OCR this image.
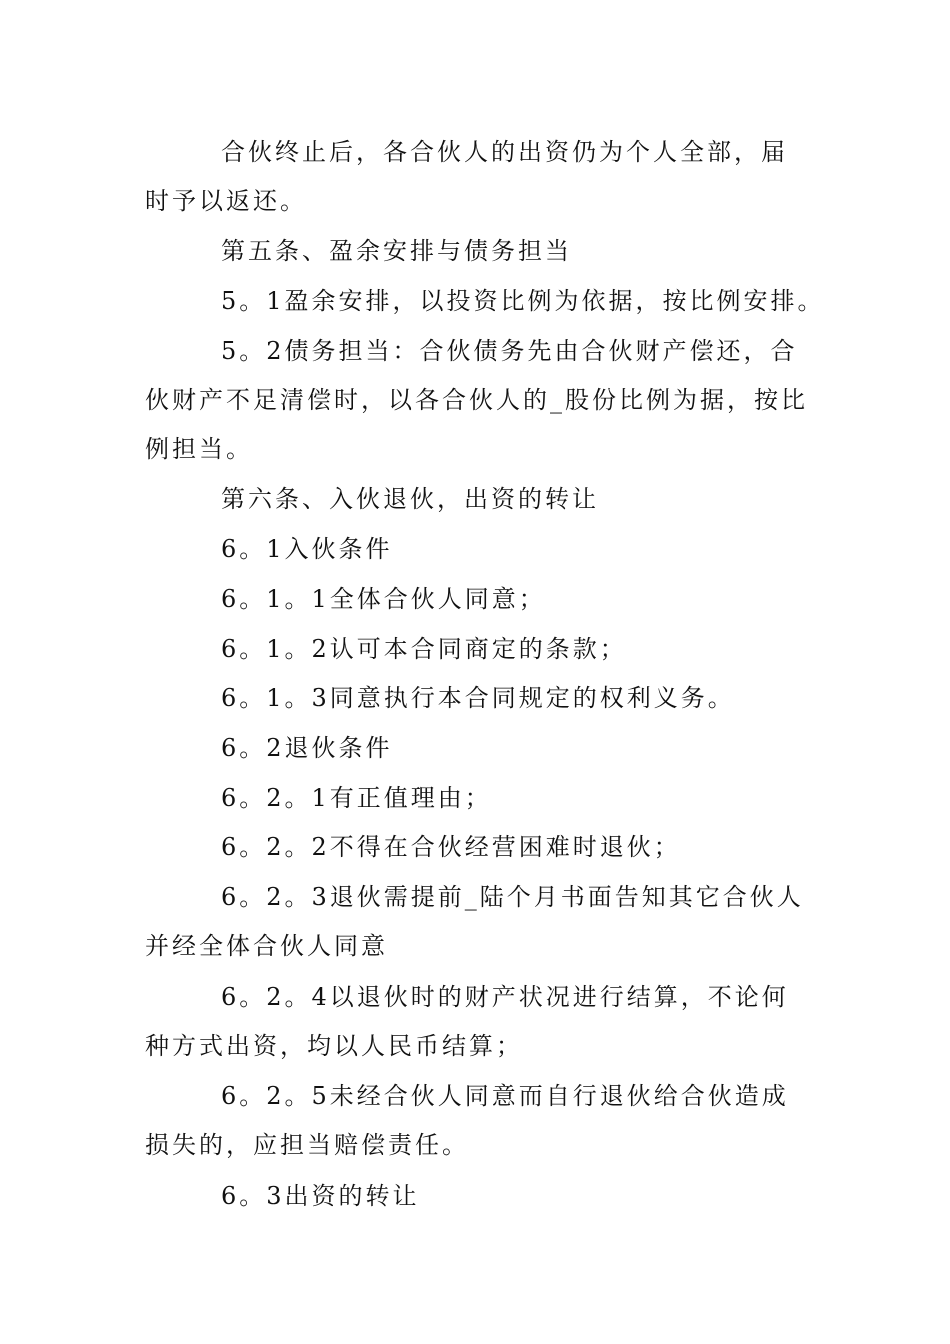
合伙终止后，各合伙人的出资仍为个人全部，届时予以返还。

第五条、盈余安排与债务担当

5。1盈余安排，以投资比例为依据，按比例安排。

5。2债务担当：合伙债务先由合伙财产偿还，合伙财产不足清偿时，以各合伙人的_股份比例为据，按比例担当。

第六条、入伙退伙，出资的转让

6。1入伙条件

6。1。1全体合伙人同意；

6。1。2认可本合同商定的条款；

6。1。3同意执行本合同规定的权利义务。

6。2退伙条件

6。2。1有正值理由；

6。2。2不得在合伙经营困难时退伙；

6。2。3退伙需提前_陆个月书面告知其它合伙人并经全体合伙人同意

6。2。4以退伙时的财产状况进行结算，不论何种方式出资，均以人民币结算；

6。2。5未经合伙人同意而自行退伙给合伙造成损失的，应担当赔偿责任。

6。3出资的转让
